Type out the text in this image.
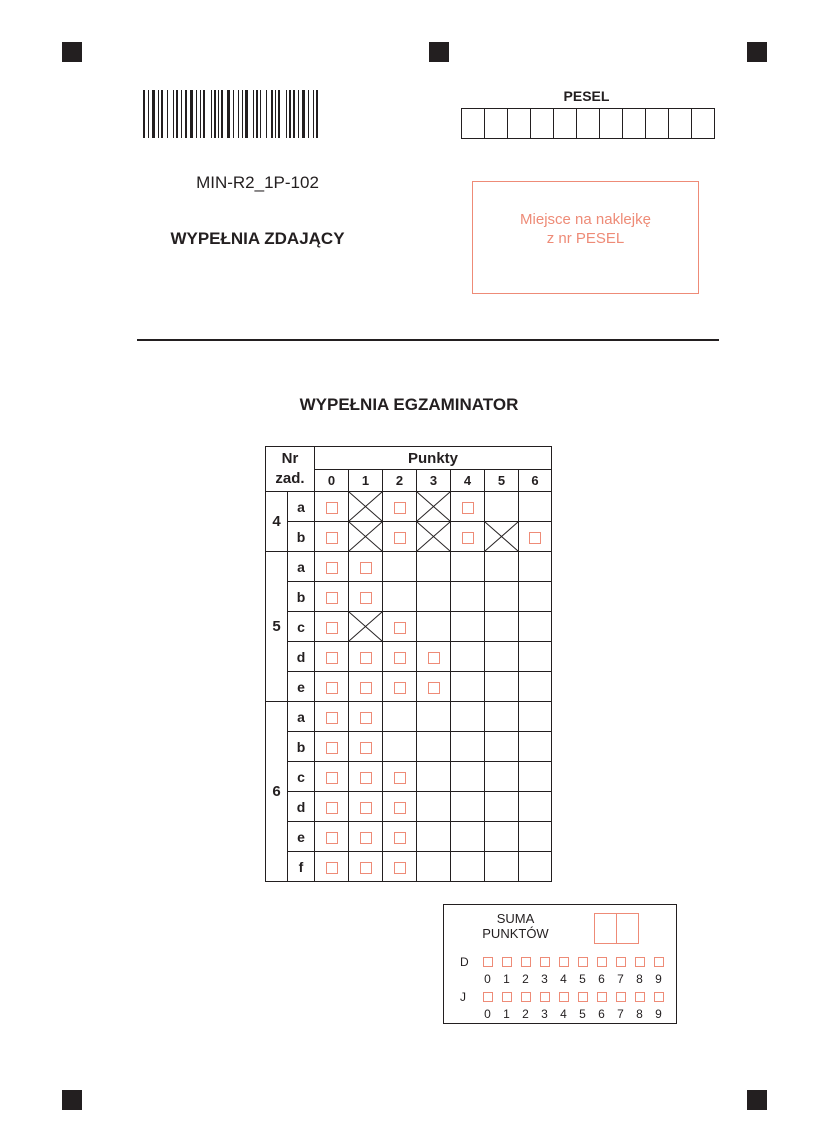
MIN-R2_1P-102
WYPEŁNIA ZDAJĄCY
PESEL
Miejsce na naklejkę
z nr PESEL
WYPEŁNIA EGZAMINATOR
Nr
zad.		Punkty						
		0	1	2	3	4	5	6
4	a		

	b		

5	a							
	b							
	c		

	d							
	e							
6	a							
	b							
	c							
	d							
	e							
	f							
SUMA
PUNKTÓW
D
0	1	2	3	4	5	6	7	8	9
J
0	1	2	3	4	5	6	7	8	9
